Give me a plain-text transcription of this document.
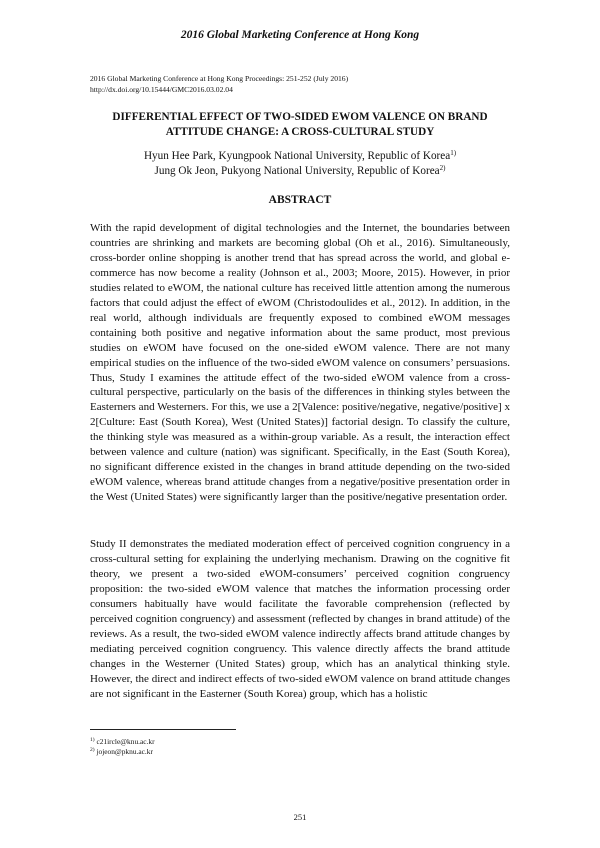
2016 Global Marketing Conference at Hong Kong
2016 Global Marketing Conference at Hong Kong Proceedings: 251-252 (July 2016)
http://dx.doi.org/10.15444/GMC2016.03.02.04
DIFFERENTIAL EFFECT OF TWO-SIDED EWOM VALENCE ON BRAND
ATTITUDE CHANGE: A CROSS-CULTURAL STUDY
Hyun Hee Park, Kyungpook National University, Republic of Korea$^{1)}$
Jung Ok Jeon, Pukyong National University, Republic of Korea$^{2)}$
ABSTRACT

With the rapid development of digital technologies and the Internet, the boundaries between countries are shrinking and markets are becoming global (Oh et al., 2016). Simultaneously, cross-border online shopping is another trend that has spread across the world, and global e-commerce has now become a reality (Johnson et al., 2003; Moore, 2015). However, in prior studies related to eWOM, the national culture has received little attention among the numerous factors that could adjust the effect of eWOM (Christodoulides et al., 2012). In addition, in the real world, although individuals are frequently exposed to combined eWOM messages containing both positive and negative information about the same product, most previous studies on eWOM have focused on the one-sided eWOM valence. There are not many empirical studies on the influence of the two-sided eWOM valence on consumers’ persuasions. Thus, Study I examines the attitude effect of the two-sided eWOM valence from a cross-cultural perspective, particularly on the basis of the differences in thinking styles between the Easterners and Westerners. For this, we use a 2[Valence: positive/negative, negative/positive] x 2[Culture: East (South Korea), West (United States)] factorial design. To classify the culture, the thinking style was measured as a within-group variable. As a result, the interaction effect between valence and culture (nation) was significant. Specifically, in the East (South Korea), no significant difference existed in the changes in brand attitude depending on the two-sided eWOM valence, whereas brand attitude changes from a negative/positive presentation order in the West (United States) were significantly larger than the positive/negative presentation order.

Study II demonstrates the mediated moderation effect of perceived cognition congruency in a cross-cultural setting for explaining the underlying mechanism. Drawing on the cognitive fit theory, we present a two-sided eWOM-consumers’ perceived cognition congruency proposition: the two-sided eWOM valence that matches the information processing order consumers habitually have would facilitate the favorable comprehension (reflected by perceived cognition congruency) and assessment (reflected by changes in brand attitude) of the reviews. As a result, the two-sided eWOM valence indirectly affects brand attitude changes by mediating perceived cognition congruency. This valence directly affects the brand attitude changes in the Westerner (United States) group, which has an analytical thinking style. However, the direct and indirect effects of two-sided eWOM valence on brand attitude changes are not significant in the Easterner (South Korea) group, which has a holistic

$^{1)}$ c21ircle@knu.ac.kr
$^{2)}$ jojeon@pknu.ac.kr
251
